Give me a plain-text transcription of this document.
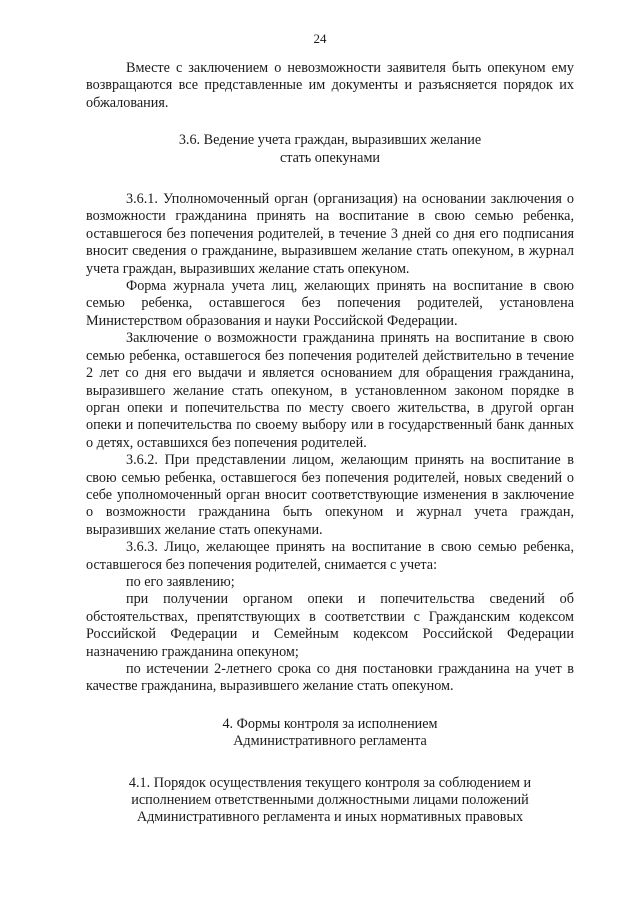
24

Вместе с заключением о невозможности заявителя быть опекуном ему возвращаются все представленные им документы и разъясняется порядок их обжалования.

3.6. Ведение учета граждан, выразивших желание стать опекунами

3.6.1. Уполномоченный орган (организация) на основании заключения о возможности гражданина принять на воспитание в свою семью ребенка, оставшегося без попечения родителей, в течение 3 дней со дня его подписания вносит сведения о гражданине, выразившем желание стать опекуном, в журнал учета граждан, выразивших желание стать опекуном.

Форма журнала учета лиц, желающих принять на воспитание в свою семью ребенка, оставшегося без попечения родителей, установлена Министерством образования и науки Российской Федерации.

Заключение о возможности гражданина принять на воспитание в свою семью ребенка, оставшегося без попечения родителей действительно в течение 2 лет со дня его выдачи и является основанием для обращения гражданина, выразившего желание стать опекуном, в установленном законом порядке в орган опеки и попечительства по месту своего жительства, в другой орган опеки и попечительства по своему выбору или в государственный банк данных о детях, оставшихся без попечения родителей.

3.6.2. При представлении лицом, желающим принять на воспитание в свою семью ребенка, оставшегося без попечения родителей, новых сведений о себе уполномоченный орган вносит соответствующие изменения в заключение о возможности гражданина быть опекуном и журнал учета граждан, выразивших желание стать опекунами.

3.6.3. Лицо, желающее принять на воспитание в свою семью ребенка, оставшегося без попечения родителей, снимается с учета:

по его заявлению;

при получении органом опеки и попечительства сведений об обстоятельствах, препятствующих в соответствии с Гражданским кодексом Российской Федерации и Семейным кодексом Российской Федерации назначению гражданина опекуном;

по истечении 2-летнего срока со дня постановки гражданина на учет в качестве гражданина, выразившего желание стать опекуном.

4. Формы контроля за исполнением Административного регламента

4.1. Порядок осуществления текущего контроля за соблюдением и исполнением ответственными должностными лицами положений Административного регламента и иных нормативных правовых
